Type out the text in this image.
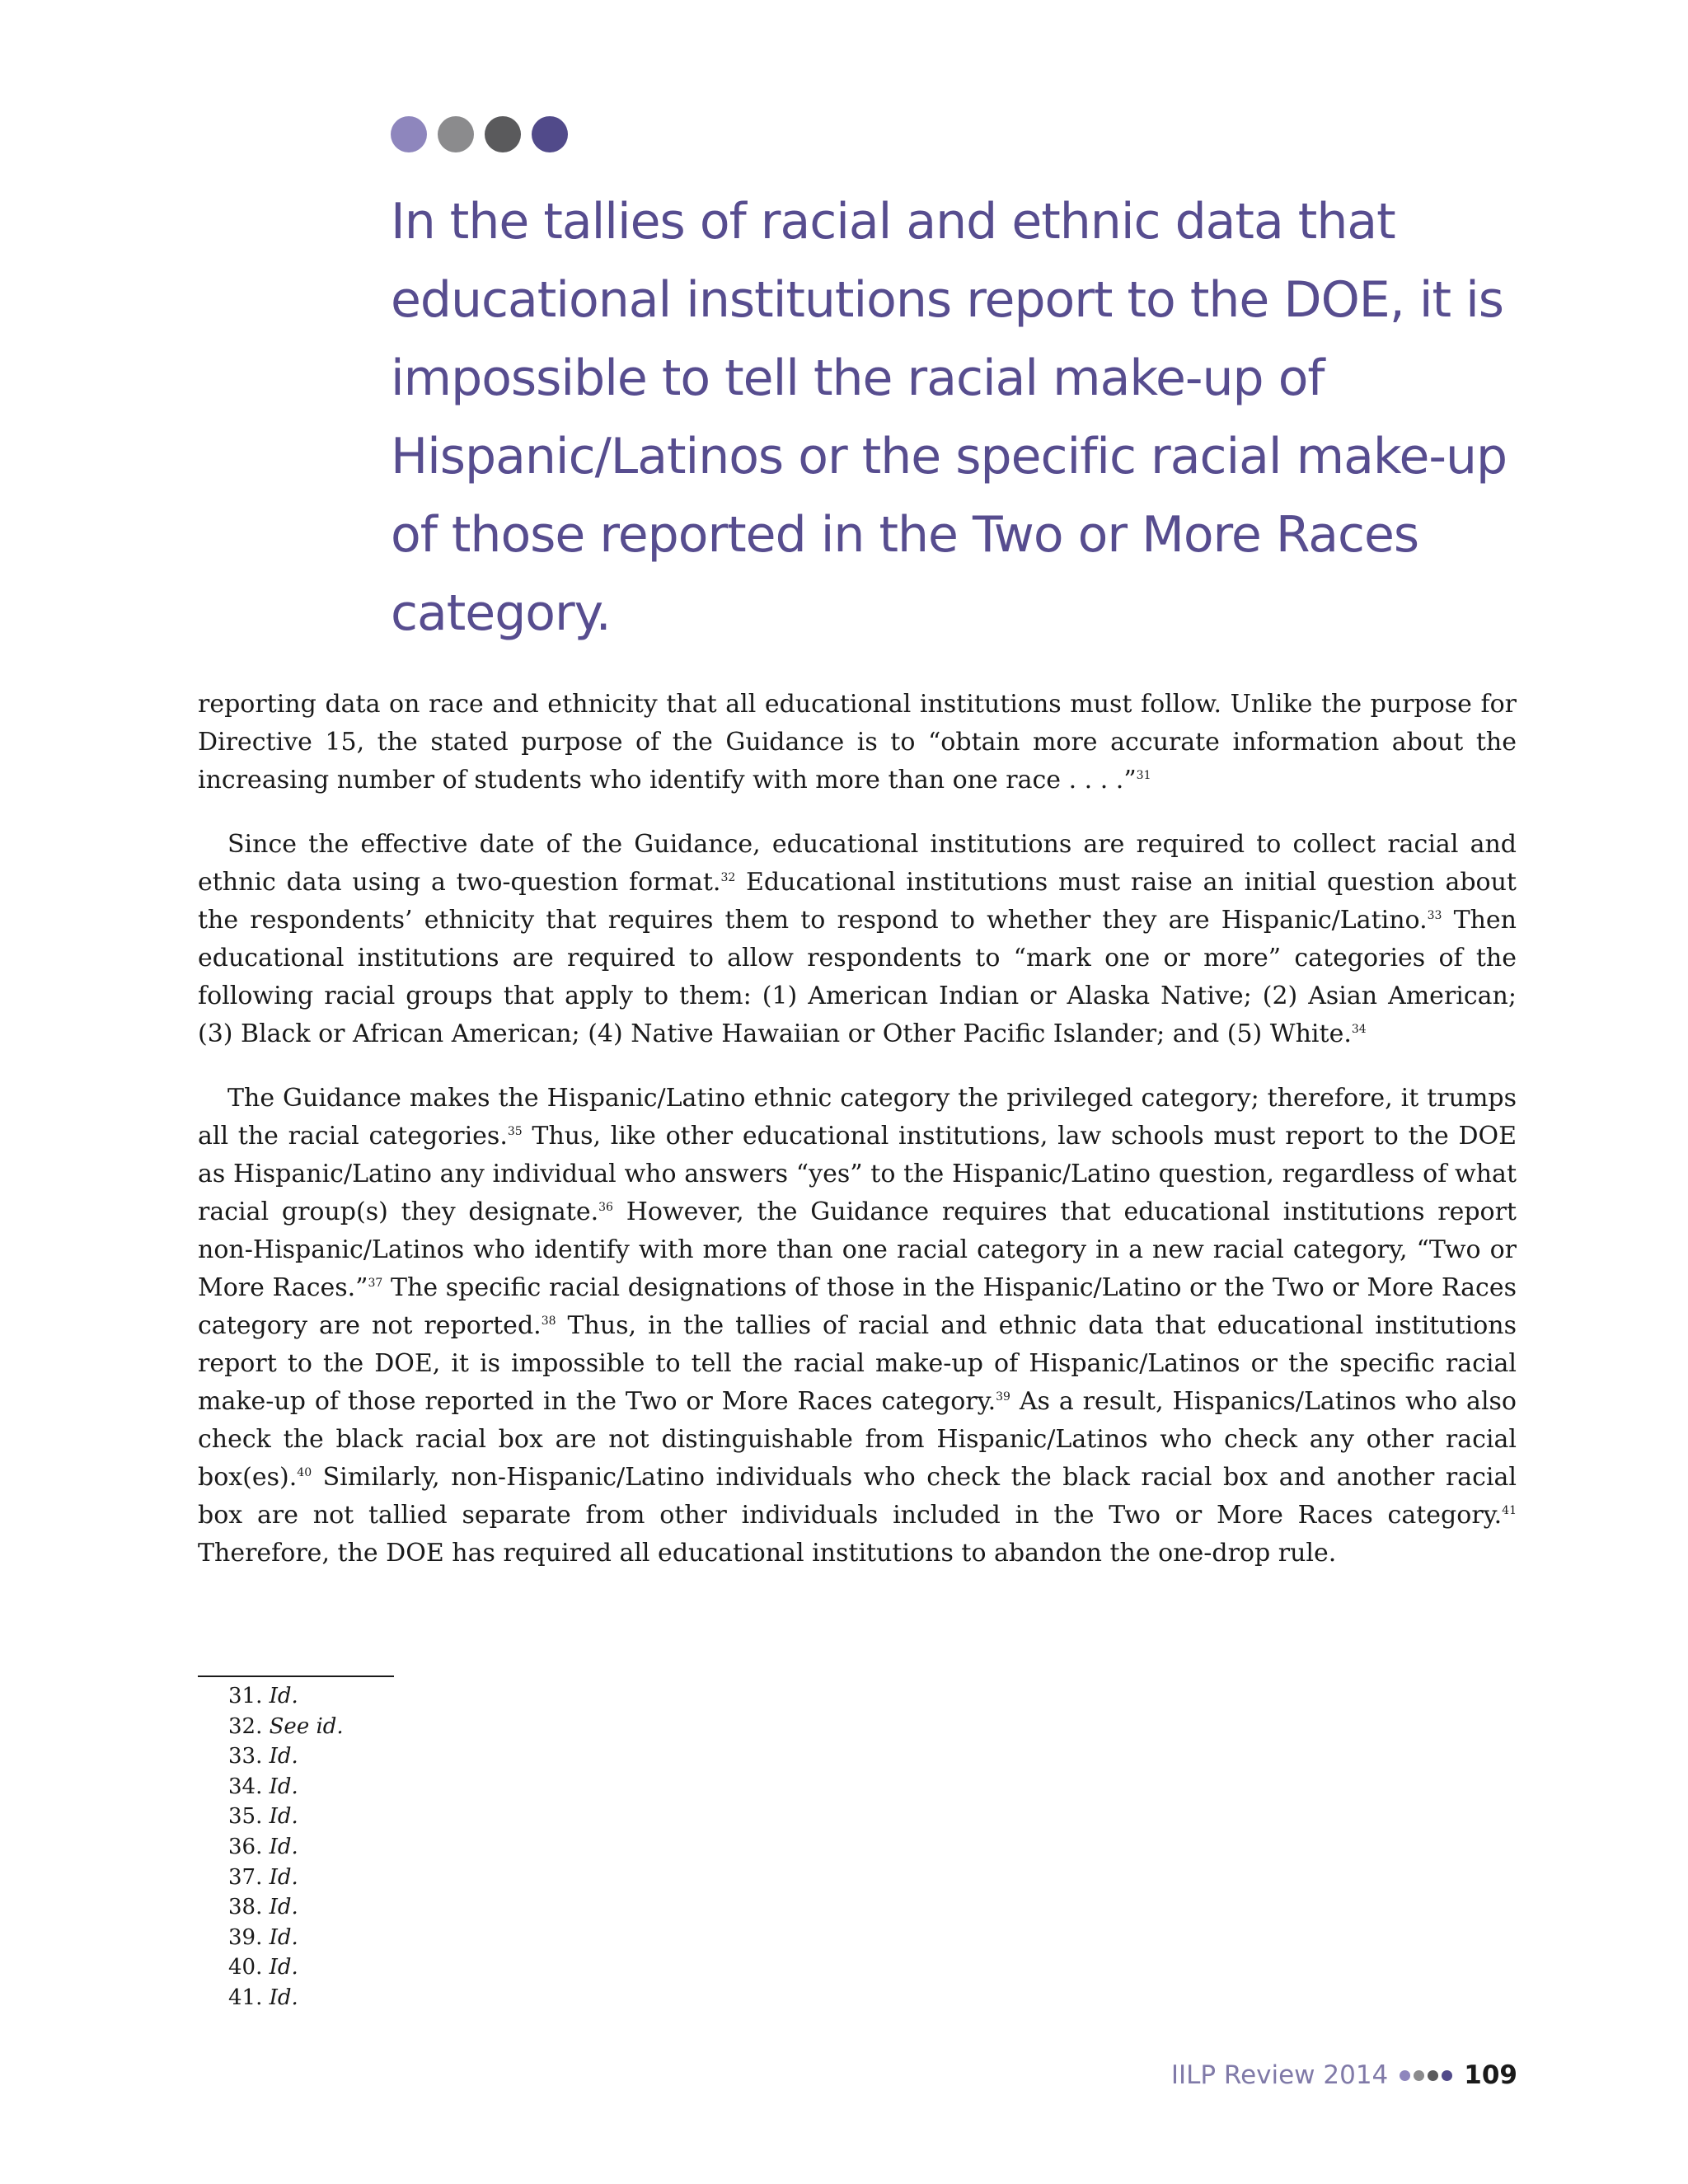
In the tallies of racial and ethnic data that educational institutions report to the DOE, it is impossible to tell the racial make-up of Hispanic/Latinos or the specific racial make-up of those reported in the Two or More Races category.

reporting data on race and ethnicity that all educational institutions must follow. Unlike the purpose for Directive 15, the stated purpose of the Guidance is to “obtain more accurate information about the increasing number of students who identify with more than one race . . . .”$^{31}$

Since the effective date of the Guidance, educational institutions are required to collect racial and ethnic data using a two-question format.$^{32}$ Educational institutions must raise an initial question about the respondents’ ethnicity that requires them to respond to whether they are Hispanic/Latino.$^{33}$ Then educational institutions are required to allow respondents to “mark one or more” categories of the following racial groups that apply to them: (1) American Indian or Alaska Native; (2) Asian American; (3) Black or African American; (4) Native Hawaiian or Other Pacific Islander; and (5) White.$^{34}$

The Guidance makes the Hispanic/Latino ethnic category the privileged category; therefore, it trumps all the racial categories.$^{35}$ Thus, like other educational institutions, law schools must report to the DOE as Hispanic/Latino any individual who answers “yes” to the Hispanic/Latino question, regardless of what racial group(s) they designate.$^{36}$ However, the Guidance requires that educational institutions report non-Hispanic/Latinos who identify with more than one racial category in a new racial category, “Two or More Races.”$^{37}$ The specific racial designations of those in the Hispanic/Latino or the Two or More Races category are not reported.$^{38}$ Thus, in the tallies of racial and ethnic data that educational institutions report to the DOE, it is impossible to tell the racial make-up of Hispanic/Latinos or the specific racial make-up of those reported in the Two or More Races category.$^{39}$ As a result, Hispanics/Latinos who also check the black racial box are not distinguishable from Hispanic/Latinos who check any other racial box(es).$^{40}$ Similarly, non-Hispanic/Latino individuals who check the black racial box and another racial box are not tallied separate from other individuals included in the Two or More Races category.$^{41}$ Therefore, the DOE has required all educational institutions to abandon the one-drop rule.

31. Id.
32. See id.
33. Id.
34. Id.
35. Id.
36. Id.
37. Id.
38. Id.
39. Id.
40. Id.
41. Id.
IILP Review 2014	109
